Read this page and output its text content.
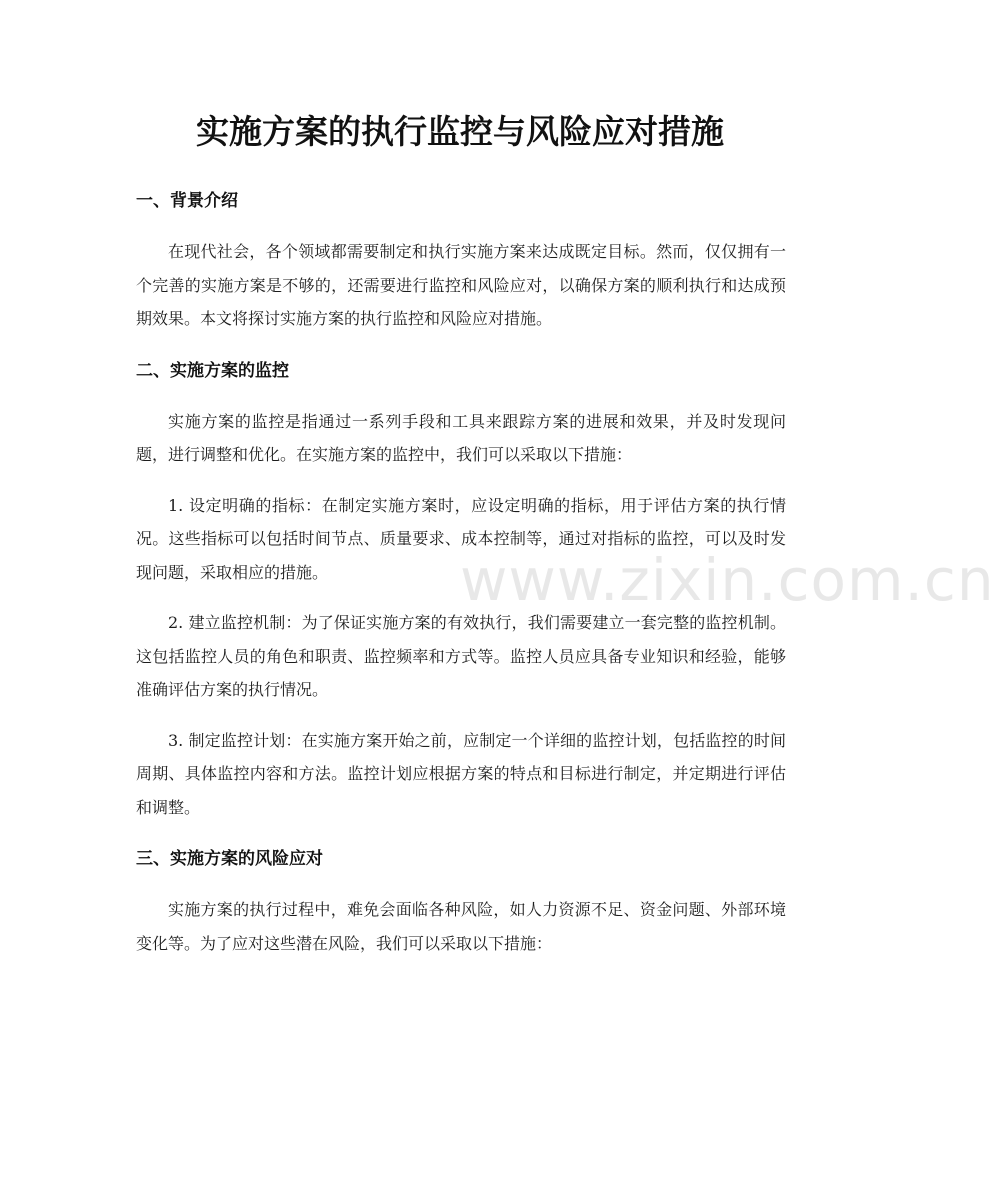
实施方案的执行监控与风险应对措施
一、背景介绍

在现代社会，各个领域都需要制定和执行实施方案来达成既定目标。然而，仅仅拥有一个完善的实施方案是不够的，还需要进行监控和风险应对，以确保方案的顺利执行和达成预期效果。本文将探讨实施方案的执行监控和风险应对措施。

二、实施方案的监控

实施方案的监控是指通过一系列手段和工具来跟踪方案的进展和效果，并及时发现问题，进行调整和优化。在实施方案的监控中，我们可以采取以下措施：

1. 设定明确的指标：在制定实施方案时，应设定明确的指标，用于评估方案的执行情况。这些指标可以包括时间节点、质量要求、成本控制等，通过对指标的监控，可以及时发现问题，采取相应的措施。

2. 建立监控机制：为了保证实施方案的有效执行，我们需要建立一套完整的监控机制。这包括监控人员的角色和职责、监控频率和方式等。监控人员应具备专业知识和经验，能够准确评估方案的执行情况。

3. 制定监控计划：在实施方案开始之前，应制定一个详细的监控计划，包括监控的时间周期、具体监控内容和方法。监控计划应根据方案的特点和目标进行制定，并定期进行评估和调整。

三、实施方案的风险应对

实施方案的执行过程中，难免会面临各种风险，如人力资源不足、资金问题、外部环境变化等。为了应对这些潜在风险，我们可以采取以下措施：

www.zixin.com.cn
